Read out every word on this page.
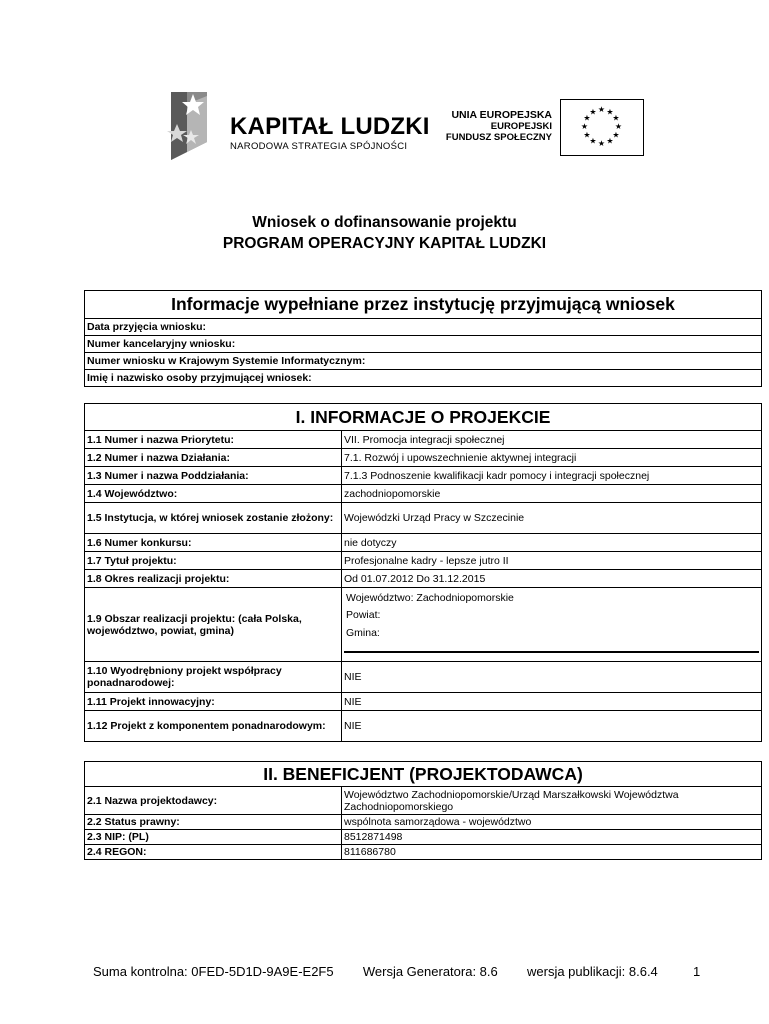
KAPITAŁ LUDZKI
NARODOWA STRATEGIA SPÓJNOŚCI
UNIA EUROPEJSKA
EUROPEJSKI
FUNDUSZ SPOŁECZNY
★ ★
★
★
★
★
★
★
★
★
★
★
Wniosek o dofinansowanie projektu
PROGRAM OPERACYJNY KAPITAŁ LUDZKI
Informacje wypełniane przez instytucję przyjmującą wniosek
Data przyjęcia wniosku:
Numer kancelaryjny wniosku:
Numer wniosku w Krajowym Systemie Informatycznym:
Imię i nazwisko osoby przyjmującej wniosek:
I. INFORMACJE O PROJEKCIE	
1.1 Numer i nazwa Priorytetu:	VII. Promocja integracji społecznej
1.2 Numer i nazwa Działania:	7.1. Rozwój i upowszechnienie aktywnej integracji
1.3 Numer i nazwa Poddziałania:	7.1.3 Podnoszenie kwalifikacji kadr pomocy i integracji społecznej
1.4 Województwo:	zachodniopomorskie
1.5 Instytucja, w której wniosek zostanie złożony:	Wojewódzki Urząd Pracy w Szczecinie
1.6 Numer konkursu:	nie dotyczy
1.7 Tytuł projektu:	Profesjonalne kadry - lepsze jutro II
1.8 Okres realizacji projektu:	Od 01.07.2012 Do 31.12.2015
1.9 Obszar realizacji projektu: (cała Polska, województwo, powiat, gmina)	Województwo: Zachodniopomorskie
Powiat:
Gmina:

1.10 Wyodrębniony projekt współpracy ponadnarodowej:	NIE
1.11 Projekt innowacyjny:	NIE
1.12 Projekt z komponentem ponadnarodowym:	NIE
II. BENEFICJENT (PROJEKTODAWCA)	
2.1 Nazwa projektodawcy:	Województwo Zachodniopomorskie/Urząd Marszałkowski Województwa Zachodniopomorskiego
2.2 Status prawny:	wspólnota samorządowa - województwo
2.3 NIP: (PL)	8512871498
2.4 REGON:	811686780
Suma kontrolna: 0FED-5D1D-9A9E-E2F5 Wersja Generatora: 8.6 wersja publikacji: 8.6.4	1
